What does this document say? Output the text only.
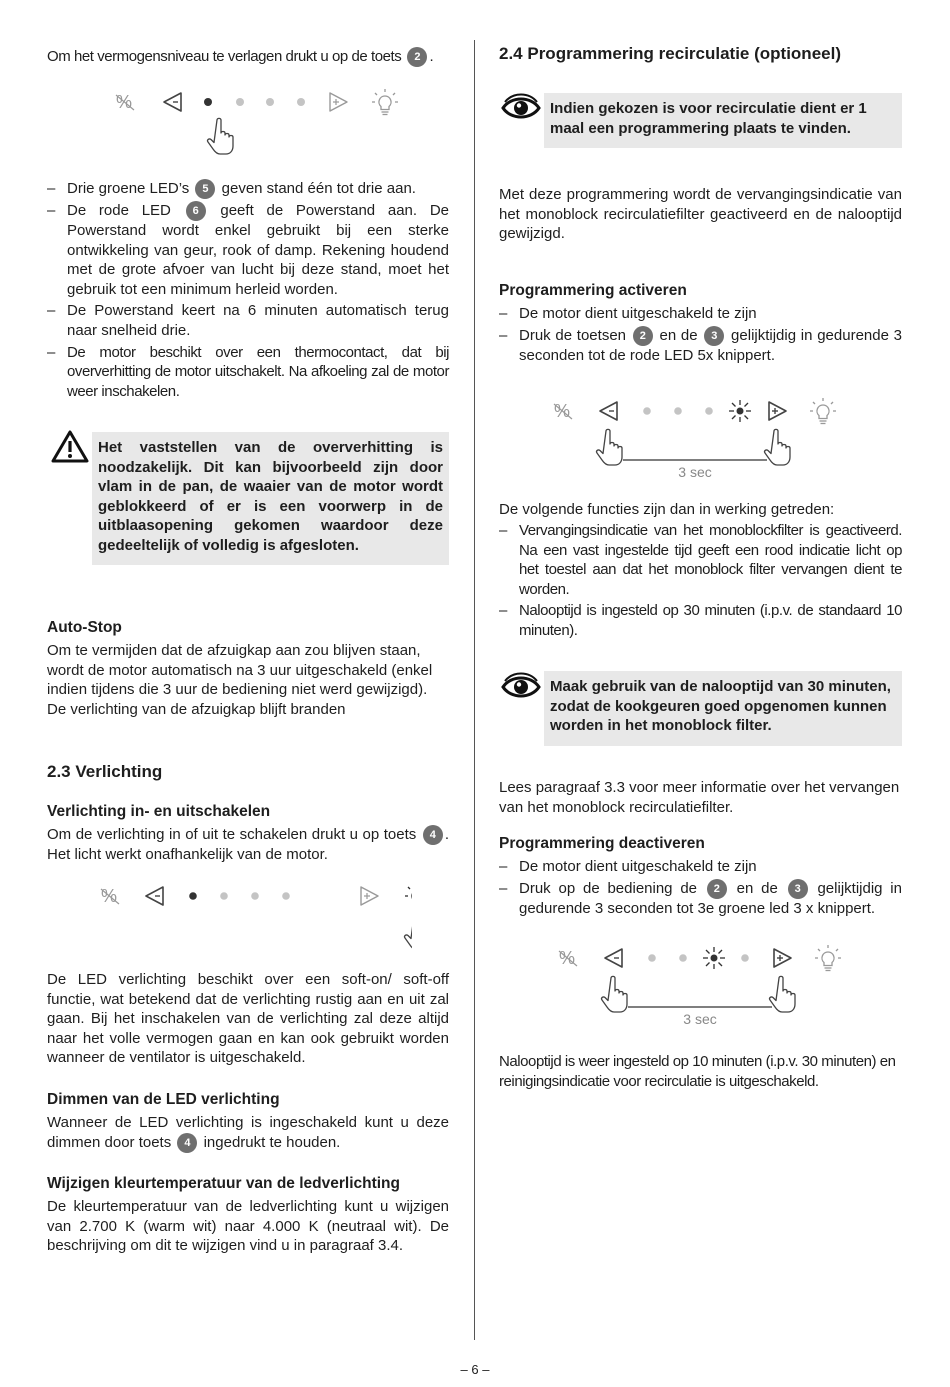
Om het vermogensniveau te verlagen drukt u op de toets 2 .

– Drie groene LED’s 5 geven stand één tot drie aan.
– De rode LED 6 geeft de Powerstand aan. De Powerstand wordt enkel gebruikt bij een sterke ontwikkeling van geur, rook of damp. Rekening houdend met de grote afvoer van lucht bij deze stand, moet het gebruik tot een minimum herleid worden.
– De Powerstand keert na 6 minuten automatisch terug naar snelheid drie.
– De motor beschikt over een thermocontact, dat bij oververhitting de motor uitschakelt. Na afkoeling zal de motor weer inschakelen.
Het vaststellen van de oververhitting is noodzakelijk. Dit kan bijvoorbeeld zijn door vlam in de pan, de waaier van de motor wordt geblokkeerd of er is een voorwerp in de uitblaasopening gekomen waardoor deze gedeeltelijk of volledig is afgesloten.
Auto-Stop

Om te vermijden dat de afzuigkap aan zou blijven staan, wordt de motor automatisch na 3 uur uitgeschakeld (enkel indien tijdens die 3 uur de bediening niet werd gewijzigd). De verlichting van de afzuigkap blijft branden

2.3 Verlichting
Verlichting in- en uitschakelen

Om de verlichting in of uit te schakelen drukt u op toets 4 . Het licht werkt onafhankelijk van de motor.

De LED verlichting beschikt over een soft-on/ soft-off functie, wat betekend dat de verlichting rustig aan en uit zal gaan. Bij het inschakelen van de verlichting zal deze altijd naar het volle vermogen gaan en kan ook gebruikt worden wanneer de ventilator is uitgeschakeld.

Dimmen van de LED verlichting

Wanneer de LED verlichting is ingeschakeld kunt u deze dimmen door toets 4 ingedrukt te houden.

Wijzigen kleurtemperatuur van de ledverlichting

De kleurtemperatuur van de ledverlichting kunt u wijzigen van 2.700 K (warm wit) naar 4.000 K (neutraal wit). De beschrijving om dit te wijzigen vind u in paragraaf 3.4.

2.4 Programmering recirculatie (optioneel)
Indien gekozen is voor recirculatie dient er 1 maal een programmering plaats te vinden.

Met deze programmering wordt de vervangingsindicatie van het monoblock recirculatiefilter geactiveerd en de nalooptijd gewijzigd.

Programmering activeren
– De motor dient uitgeschakeld te zijn
– Druk de toetsen 2 en de 3 gelijktijdig in gedurende 3 seconden tot de rode LED 5x knippert.
3 sec

De volgende functies zijn dan in werking getreden:

– Vervangingsindicatie van het monoblockfilter is geactiveerd. Na een vast ingestelde tijd geeft een rood indicatie licht op het toestel aan dat het monoblock filter vervangen dient te worden.
– Nalooptijd is ingesteld op 30 minuten (i.p.v. de standaard 10 minuten).
Maak gebruik van de nalooptijd van 30 minuten, zodat de kookgeuren goed opgenomen kunnen worden in het monoblock filter.

Lees paragraaf 3.3 voor meer informatie over het vervangen van het monoblock recirculatiefilter.

Programmering deactiveren
– De motor dient uitgeschakeld te zijn
– Druk op de bediening de 2 en de 3 gelijktijdig in gedurende 3 seconden tot 3e groene led 3 x knippert.
3 sec

Nalooptijd is weer ingesteld op 10 minuten (i.p.v. 30 minuten) en reinigingsindicatie voor recirculatie is uitgeschakeld.

– 6 –
